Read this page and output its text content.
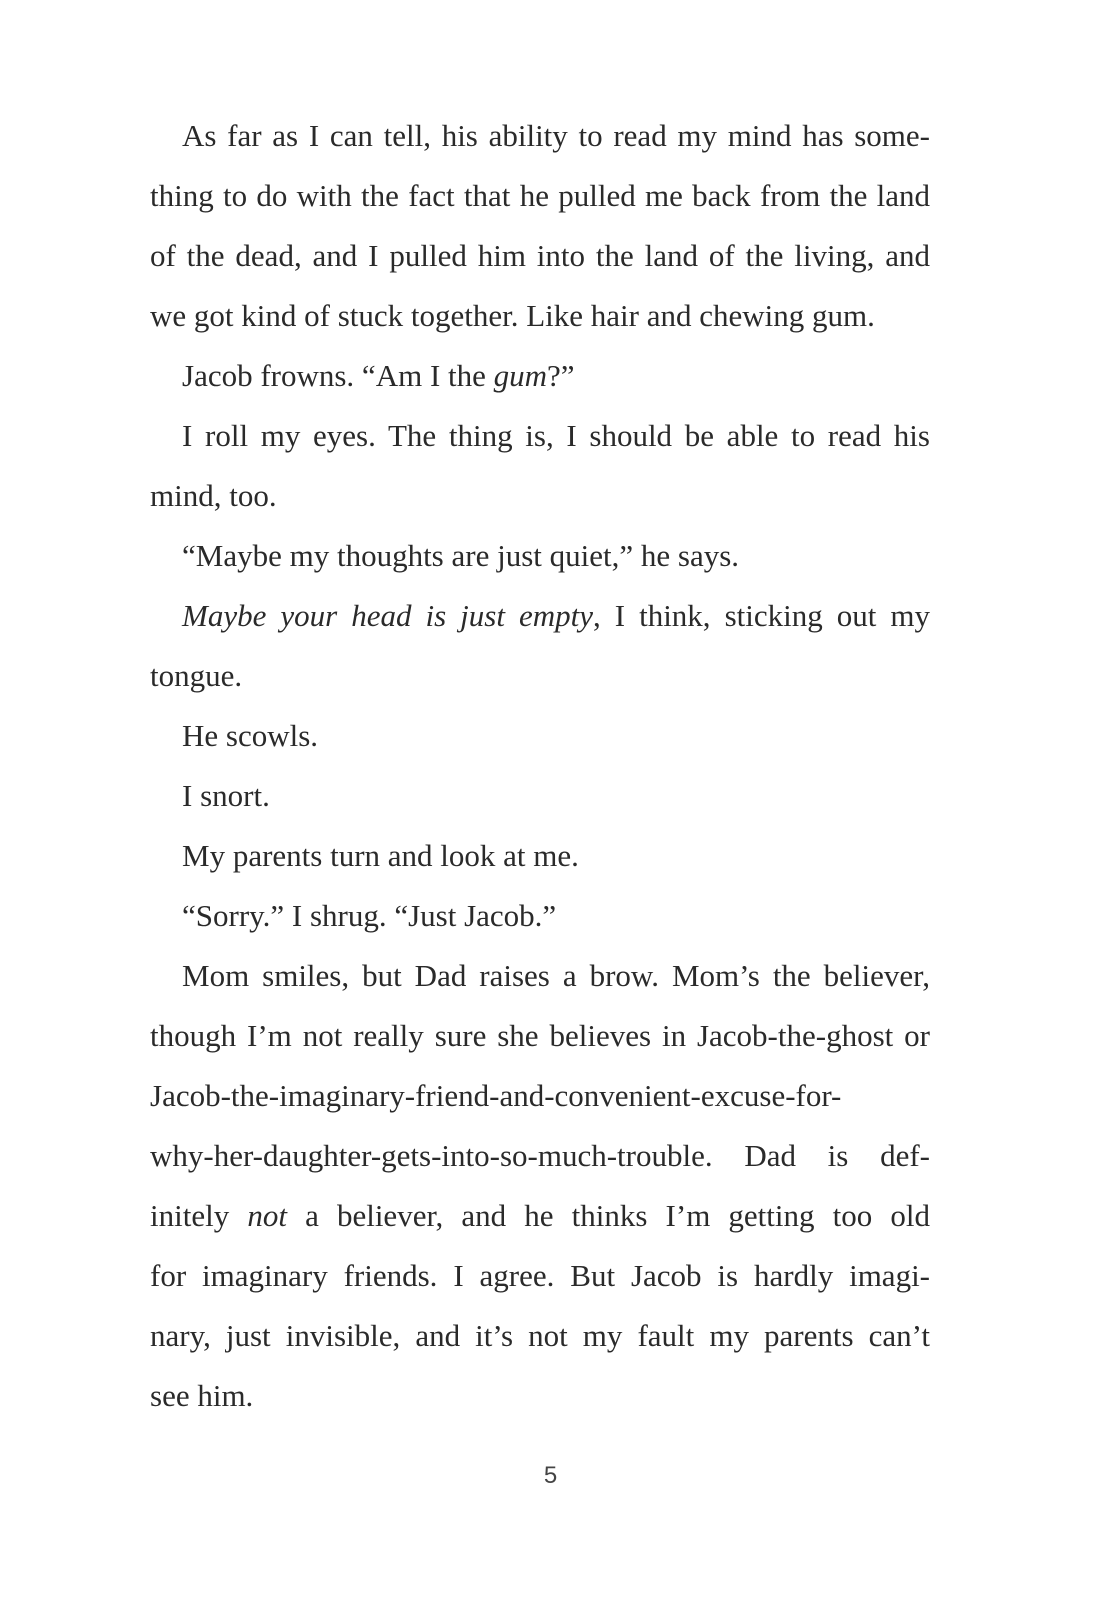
As far as I can tell, his ability to read my mind has some-
thing to do with the fact that he pulled me back from the land
of the dead, and I pulled him into the land of the living, and
we got kind of stuck together. Like hair and chewing gum.
Jacob frowns. “Am I the gum?”
I roll my eyes. The thing is, I should be able to read his
mind, too.
“Maybe my thoughts are just quiet,” he says.
Maybe your head is just empty, I think, sticking out my
tongue.
He scowls.
I snort.
My parents turn and look at me.
“Sorry.” I shrug. “Just Jacob.”
Mom smiles, but Dad raises a brow. Mom’s the believer,
though I’m not really sure she believes in Jacob-the-ghost or
Jacob-the-imaginary-friend-and-convenient-excuse-for-
why-her-daughter-gets-into-so-much-trouble. Dad is def-
initely not a believer, and he thinks I’m getting too old
for imaginary friends. I agree. But Jacob is hardly imagi-
nary, just invisible, and it’s not my fault my parents can’t
see him.
5
